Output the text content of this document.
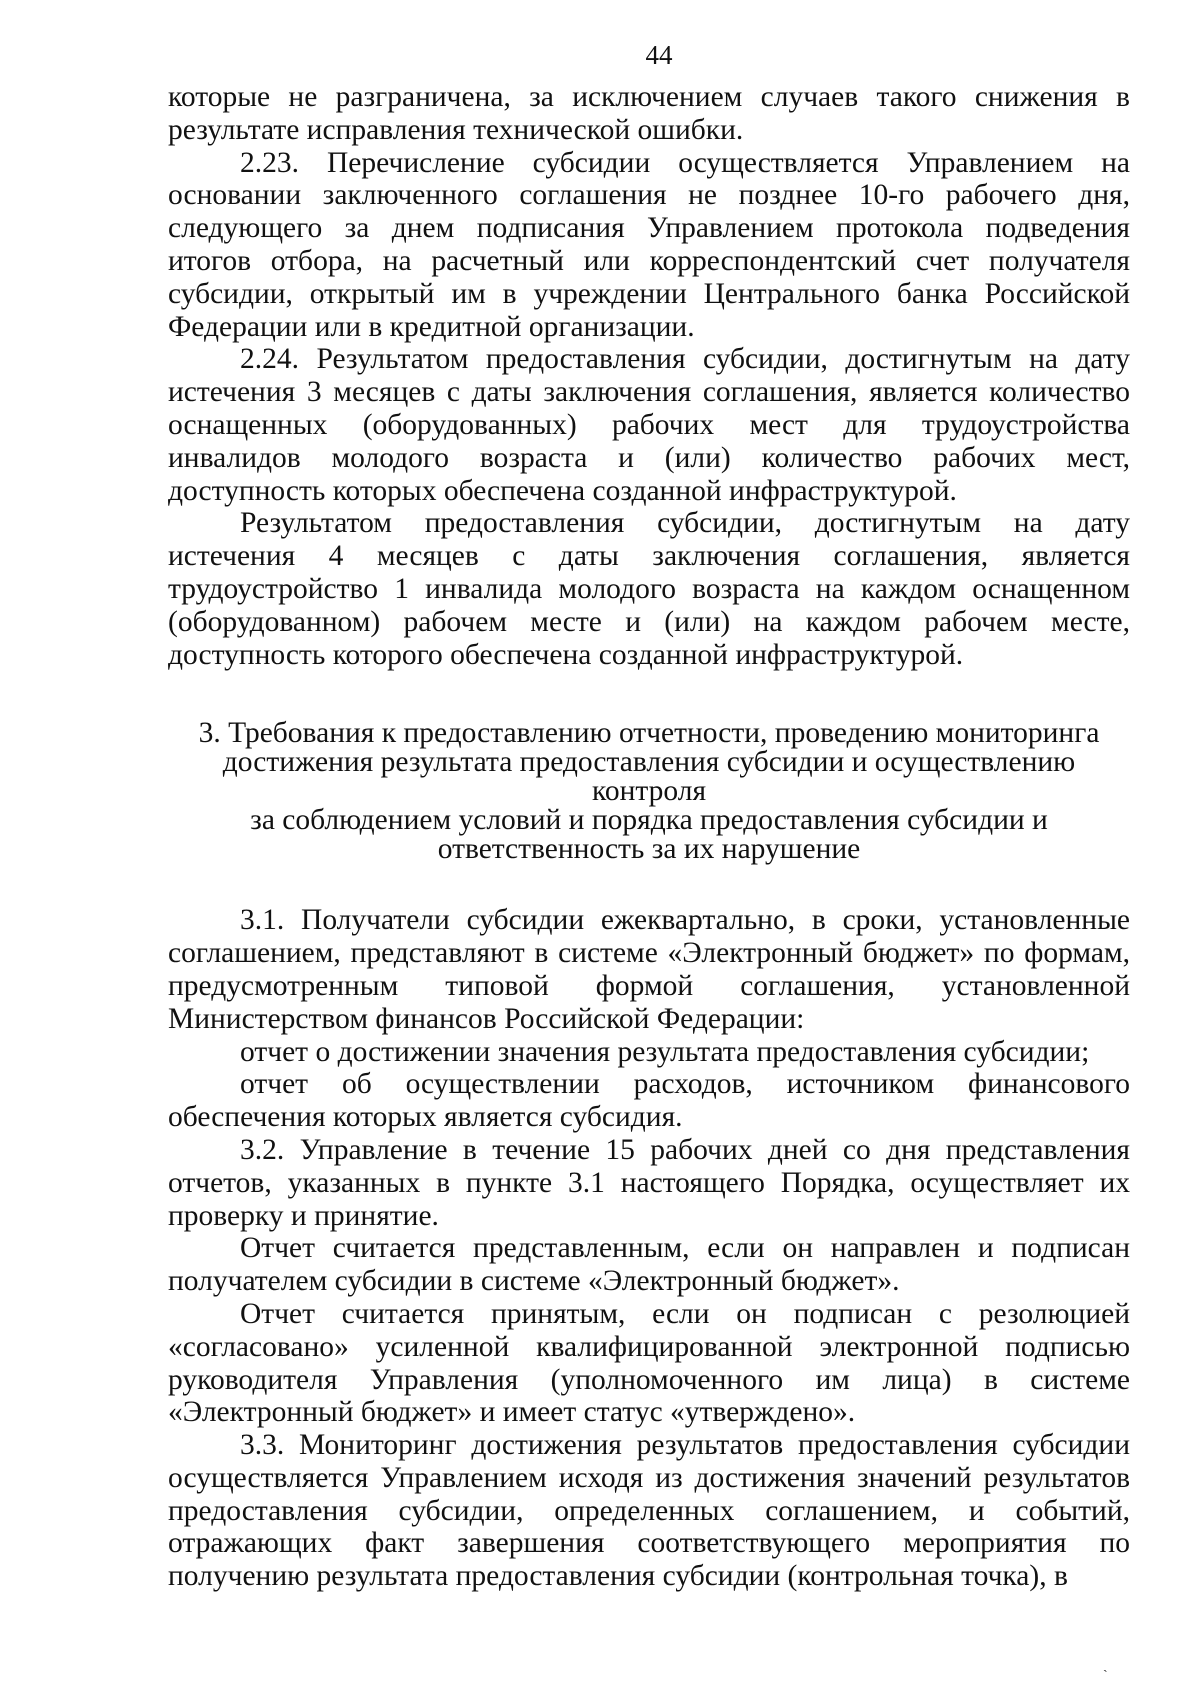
44

которые не разграничена, за исключением случаев такого снижения в результате исправления технической ошибки.

2.23. Перечисление субсидии осуществляется Управлением на основании заключенного соглашения не позднее 10-го рабочего дня, следующего за днем подписания Управлением протокола подведения итогов отбора, на расчетный или корреспондентский счет получателя субсидии, открытый им в учреждении Центрального банка Российской Федерации или в кредитной организации.

2.24. Результатом предоставления субсидии, достигнутым на дату истечения 3 месяцев с даты заключения соглашения, является количество оснащенных (оборудованных) рабочих мест для трудоустройства инвалидов молодого возраста и (или) количество рабочих мест, доступность которых обеспечена созданной инфраструктурой.

Результатом предоставления субсидии, достигнутым на дату истечения 4 месяцев с даты заключения соглашения, является трудоустройство 1 инвалида молодого возраста на каждом оснащенном (оборудованном) рабочем месте и (или) на каждом рабочем месте, доступность которого обеспечена созданной инфраструктурой.

3. Требования к предоставлению отчетности, проведению мониторинга
достижения результата предоставления субсидии и осуществлению контроля
за соблюдением условий и порядка предоставления субсидии и
ответственность за их нарушение

3.1. Получатели субсидии ежеквартально, в сроки, установленные соглашением, представляют в системе «Электронный бюджет» по формам, предусмотренным типовой формой соглашения, установленной Министерством финансов Российской Федерации:

отчет о достижении значения результата предоставления субсидии;

отчет об осуществлении расходов, источником финансового обеспечения которых является субсидия.

3.2. Управление в течение 15 рабочих дней со дня представления отчетов, указанных в пункте 3.1 настоящего Порядка, осуществляет их проверку и принятие.

Отчет считается представленным, если он направлен и подписан получателем субсидии в системе «Электронный бюджет».

Отчет считается принятым, если он подписан с резолюцией «согласовано» усиленной квалифицированной электронной подписью руководителя Управления (уполномоченного им лица) в системе «Электронный бюджет» и имеет статус «утверждено».

3.3. Мониторинг достижения результатов предоставления субсидии осуществляется Управлением исходя из достижения значений результатов предоставления субсидии, определенных соглашением, и событий, отражающих факт завершения соответствующего мероприятия по получению результата предоставления субсидии (контрольная точка), в

ˎ
